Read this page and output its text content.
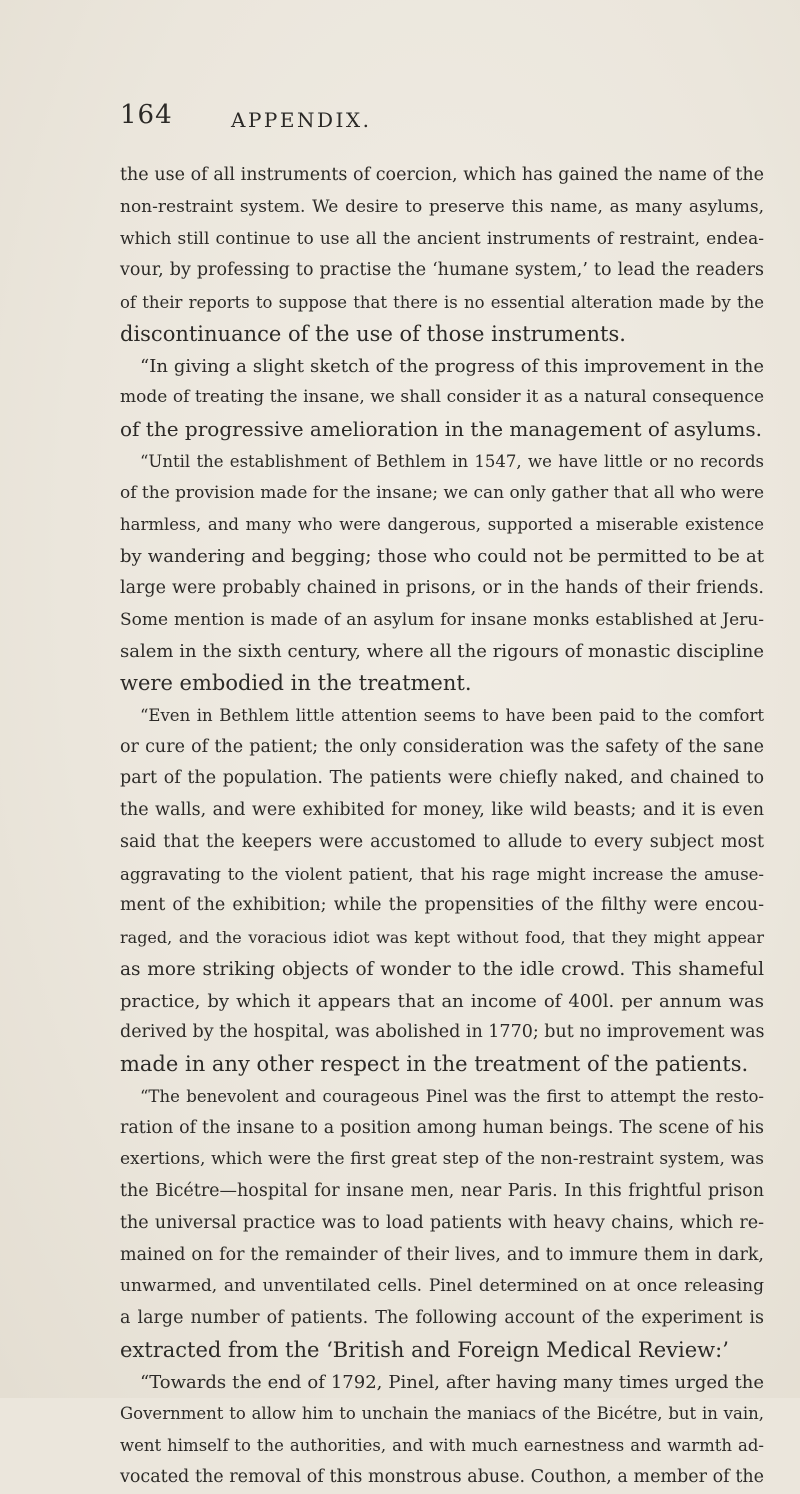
164	APPENDIX.
the use of all instruments of coercion, which has gained the name of the
non-restraint system. We desire to preserve this name, as many asylums,
which still continue to use all the ancient instruments of restraint, endea-
vour, by professing to practise the ‘humane system,’ to lead the readers
of their reports to suppose that there is no essential alteration made by the
discontinuance of the use of those instruments.
“In giving a slight sketch of the progress of this improvement in the
mode of treating the insane, we shall consider it as a natural consequence
of the progressive amelioration in the management of asylums.
“Until the establishment of Bethlem in 1547, we have little or no records
of the provision made for the insane; we can only gather that all who were
harmless, and many who were dangerous, supported a miserable existence
by wandering and begging; those who could not be permitted to be at
large were probably chained in prisons, or in the hands of their friends.
Some mention is made of an asylum for insane monks established at Jeru-
salem in the sixth century, where all the rigours of monastic discipline
were embodied in the treatment.
“Even in Bethlem little attention seems to have been paid to the comfort
or cure of the patient; the only consideration was the safety of the sane
part of the population. The patients were chiefly naked, and chained to
the walls, and were exhibited for money, like wild beasts; and it is even
said that the keepers were accustomed to allude to every subject most
aggravating to the violent patient, that his rage might increase the amuse-
ment of the exhibition; while the propensities of the filthy were encou-
raged, and the voracious idiot was kept without food, that they might appear
as more striking objects of wonder to the idle crowd. This shameful
practice, by which it appears that an income of 400l. per annum was
derived by the hospital, was abolished in 1770; but no improvement was
made in any other respect in the treatment of the patients.
“The benevolent and courageous Pinel was the first to attempt the resto-
ration of the insane to a position among human beings. The scene of his
exertions, which were the first great step of the non-restraint system, was
the Bicétre—hospital for insane men, near Paris. In this frightful prison
the universal practice was to load patients with heavy chains, which re-
mained on for the remainder of their lives, and to immure them in dark,
unwarmed, and unventilated cells. Pinel determined on at once releasing
a large number of patients. The following account of the experiment is
extracted from the ‘British and Foreign Medical Review:’
“Towards the end of 1792, Pinel, after having many times urged the
Government to allow him to unchain the maniacs of the Bicétre, but in vain,
went himself to the authorities, and with much earnestness and warmth ad-
vocated the removal of this monstrous abuse. Couthon, a member of the
